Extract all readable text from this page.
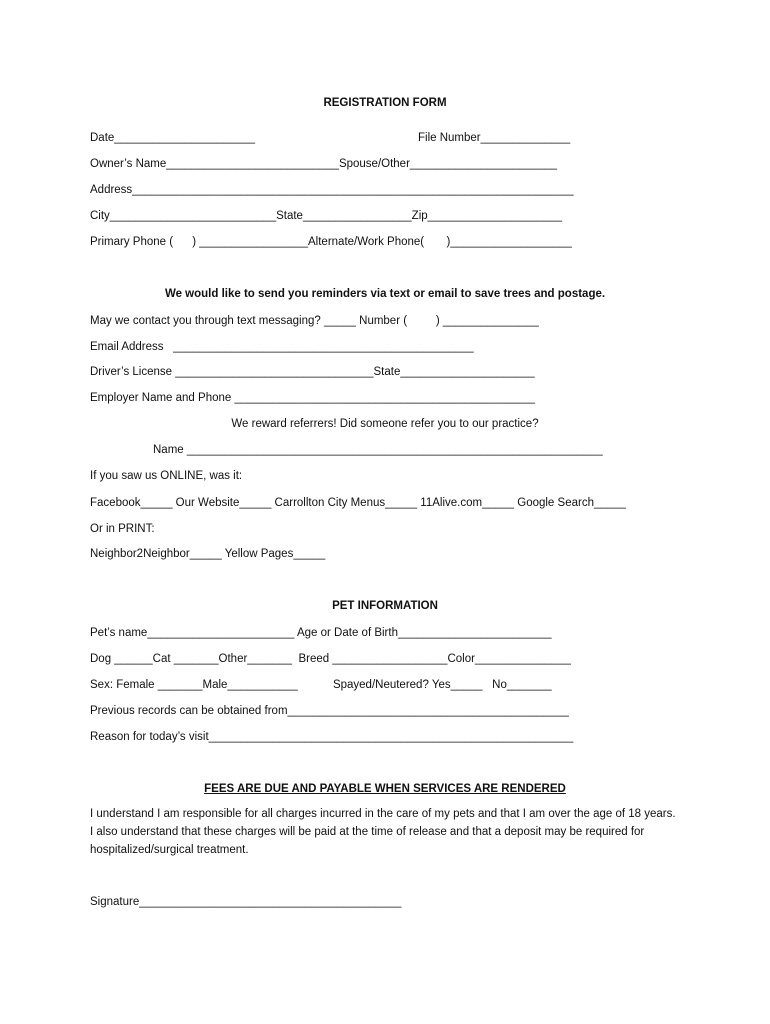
REGISTRATION FORM
Date______________________	File Number______________
Owner’s Name___________________________Spouse/Other_______________________
Address_____________________________________________________________________
City__________________________State_________________Zip_____________________
Primary Phone (      ) _________________Alternate/Work Phone(       )___________________
We would like to send you reminders via text or email to save trees and postage.
May we contact you through text messaging? _____ Number (         ) _______________
Email Address   _______________________________________________
Driver’s License _______________________________State_____________________
Employer Name and Phone _______________________________________________
We reward referrers! Did someone refer you to our practice?
Name _________________________________________________________________
If you saw us ONLINE, was it:
Facebook_____ Our Website_____ Carrollton City Menus_____ 11Alive.com_____ Google Search_____
Or in PRINT:
Neighbor2Neighbor_____ Yellow Pages_____
PET INFORMATION
Pet’s name_______________________ Age or Date of Birth________________________
Dog ______Cat _______Other_______  Breed __________________Color_______________
Sex: Female _______Male___________           Spayed/Neutered? Yes_____   No_______
Previous records can be obtained from____________________________________________
Reason for today’s visit_________________________________________________________
FEES ARE DUE AND PAYABLE WHEN SERVICES ARE RENDERED
I understand I am responsible for all charges incurred in the care of my pets and that I am over the age of 18 years. I also understand that these charges will be paid at the time of release and that a deposit may be required for hospitalized/surgical treatment.
Signature_________________________________________
